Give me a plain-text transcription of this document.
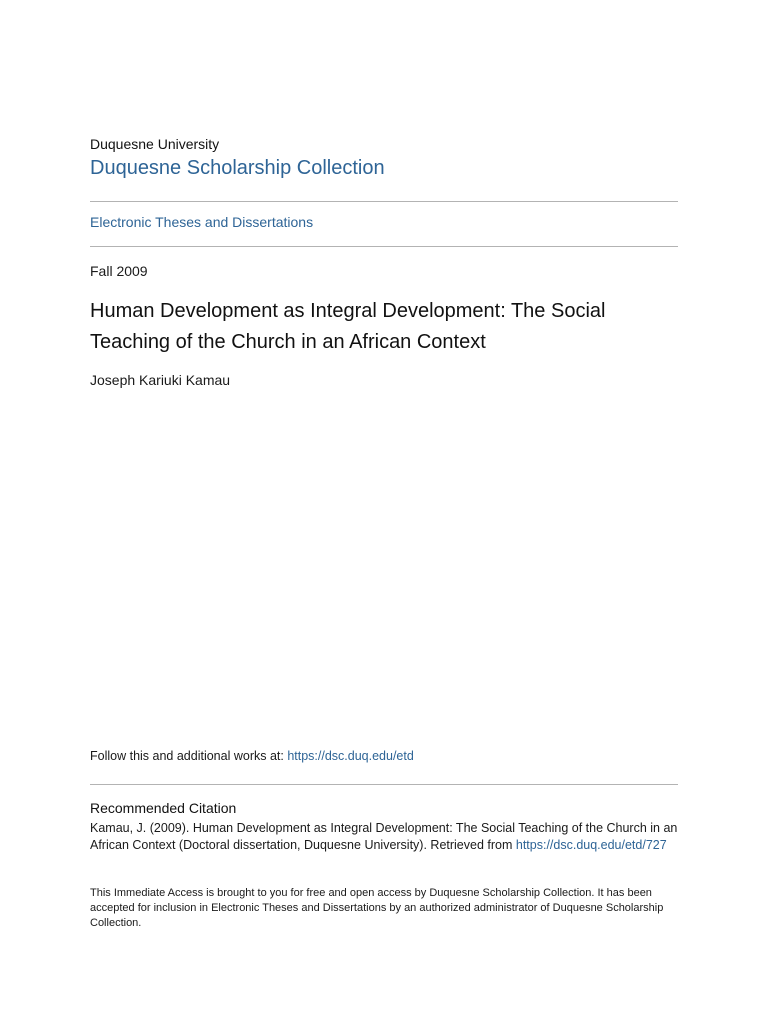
Duquesne University
Duquesne Scholarship Collection
Electronic Theses and Dissertations
Fall 2009
Human Development as Integral Development: The Social Teaching of the Church in an African Context
Joseph Kariuki Kamau
Follow this and additional works at: https://dsc.duq.edu/etd
Recommended Citation
Kamau, J. (2009). Human Development as Integral Development: The Social Teaching of the Church in an African Context (Doctoral dissertation, Duquesne University). Retrieved from https://dsc.duq.edu/etd/727
This Immediate Access is brought to you for free and open access by Duquesne Scholarship Collection. It has been accepted for inclusion in Electronic Theses and Dissertations by an authorized administrator of Duquesne Scholarship Collection.
